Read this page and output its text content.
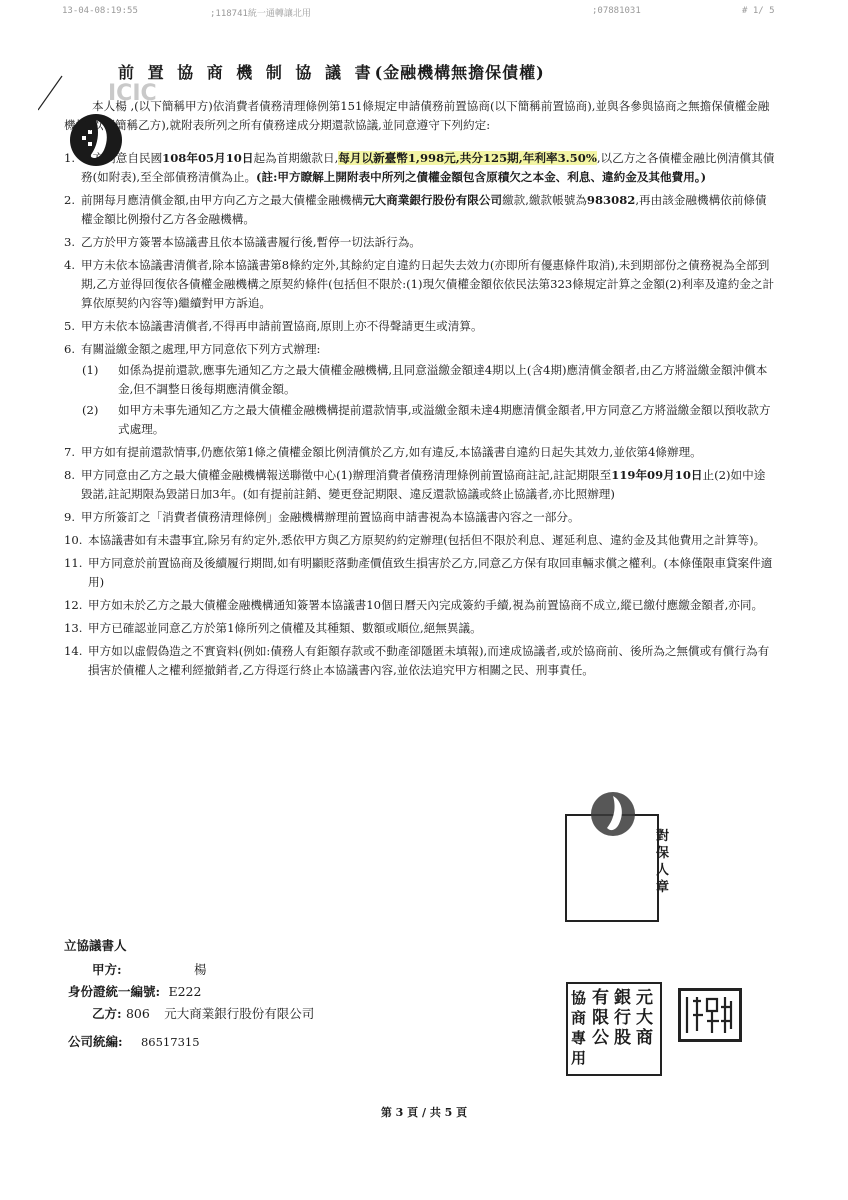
13-04-08:19:55	;118741統一通轉讓北用	;07881031	# 1/ 5
ICIC
前 置 協 商 機 制 協 議 書(金融機構無擔保債權)

本人楊 ,(以下簡稱甲方)依消費者債務清理條例第151條規定申請債務前置協商(以下簡稱前置協商),並與各參與協商之無擔保債權金融機構(以下簡稱乙方),就附表所列之所有債務達成分期還款協議,並同意遵守下列約定:

1. 甲方同意自民國108年05月10日起為首期繳款日,每月以新臺幣1,998元,共分125期,年利率3.50%,以乙方之各債權金融比例清償其債務(如附表),至全部債務清償為止。(註:甲方瞭解上開附表中所列之債權金額包含原積欠之本金、利息、違約金及其他費用。)

2. 前開每月應清償金額,由甲方向乙方之最大債權金融機構元大商業銀行股份有限公司繳款,繳款帳號為983082,再由該金融機構依前條債權金額比例撥付乙方各金融機構。

3. 乙方於甲方簽署本協議書且依本協議書履行後,暫停一切法訴行為。

4. 甲方未依本協議書清償者,除本協議書第8條約定外,其餘約定自違約日起失去效力(亦即所有優惠條件取消),未到期部份之債務視為全部到期,乙方並得回復依各債權金融機構之原契約條件(包括但不限於:(1)現欠債權金額依依民法第323條規定計算之金額(2)利率及違約金之計算依原契約內容等)繼續對甲方訴追。

5. 甲方未依本協議書清償者,不得再申請前置協商,原則上亦不得聲請更生或清算。

6. 有關溢繳金額之處理,甲方同意依下列方式辦理:

(1) 如係為提前還款,應事先通知乙方之最大債權金融機構,且同意溢繳金額達4期以上(含4期)應清償金額者,由乙方將溢繳金額沖償本金,但不調整日後每期應清償金額。

(2) 如甲方未事先通知乙方之最大債權金融機構提前還款情事,或溢繳金額未達4期應清償金額者,甲方同意乙方將溢繳金額以預收款方式處理。

7. 甲方如有提前還款情事,仍應依第1條之債權金額比例清償於乙方,如有違反,本協議書自違約日起失其效力,並依第4條辦理。

8. 甲方同意由乙方之最大債權金融機構報送聯徵中心(1)辦理消費者債務清理條例前置協商註記,註記期限至119年09月10日止(2)如中途毀諾,註記期限為毀諾日加3年。(如有提前註銷、變更登記期限、違反還款協議或終止協議者,亦比照辦理)

9. 甲方所簽訂之「消費者債務清理條例」金融機構辦理前置協商申請書視為本協議書內容之一部分。

10. 本協議書如有未盡事宜,除另有約定外,悉依甲方與乙方原契約約定辦理(包括但不限於利息、遲延利息、違約金及其他費用之計算等)。

11. 甲方同意於前置協商及後續履行期間,如有明顯貶落動產價值致生損害於乙方,同意乙方保有取回車輛求償之權利。(本條僅限車貸案件適用)

12. 甲方如未於乙方之最大債權金融機構通知簽署本協議書10個日曆天內完成簽約手續,視為前置協商不成立,縱已繳付應繳金額者,亦同。

13. 甲方已確認並同意乙方於第1條所列之債權及其種類、數額或順位,絕無異議。

14. 甲方如以虛假偽造之不實資料(例如:債務人有鉅額存款或不動產卻隱匿未填報),而達成協議者,或於協商前、後所為之無償或有償行為有損害於債權人之權利經撤銷者,乙方得逕行終止本協議書內容,並依法追究甲方相關之民、刑事責任。

對保人章
立協議書人
甲方:	楊
身份證統一編號: E222
乙方: 806 元大商業銀行股份有限公司
公司統編: 86517315
元大商
銀行股
有限公
協商專用
第 3 頁 / 共 5 頁
